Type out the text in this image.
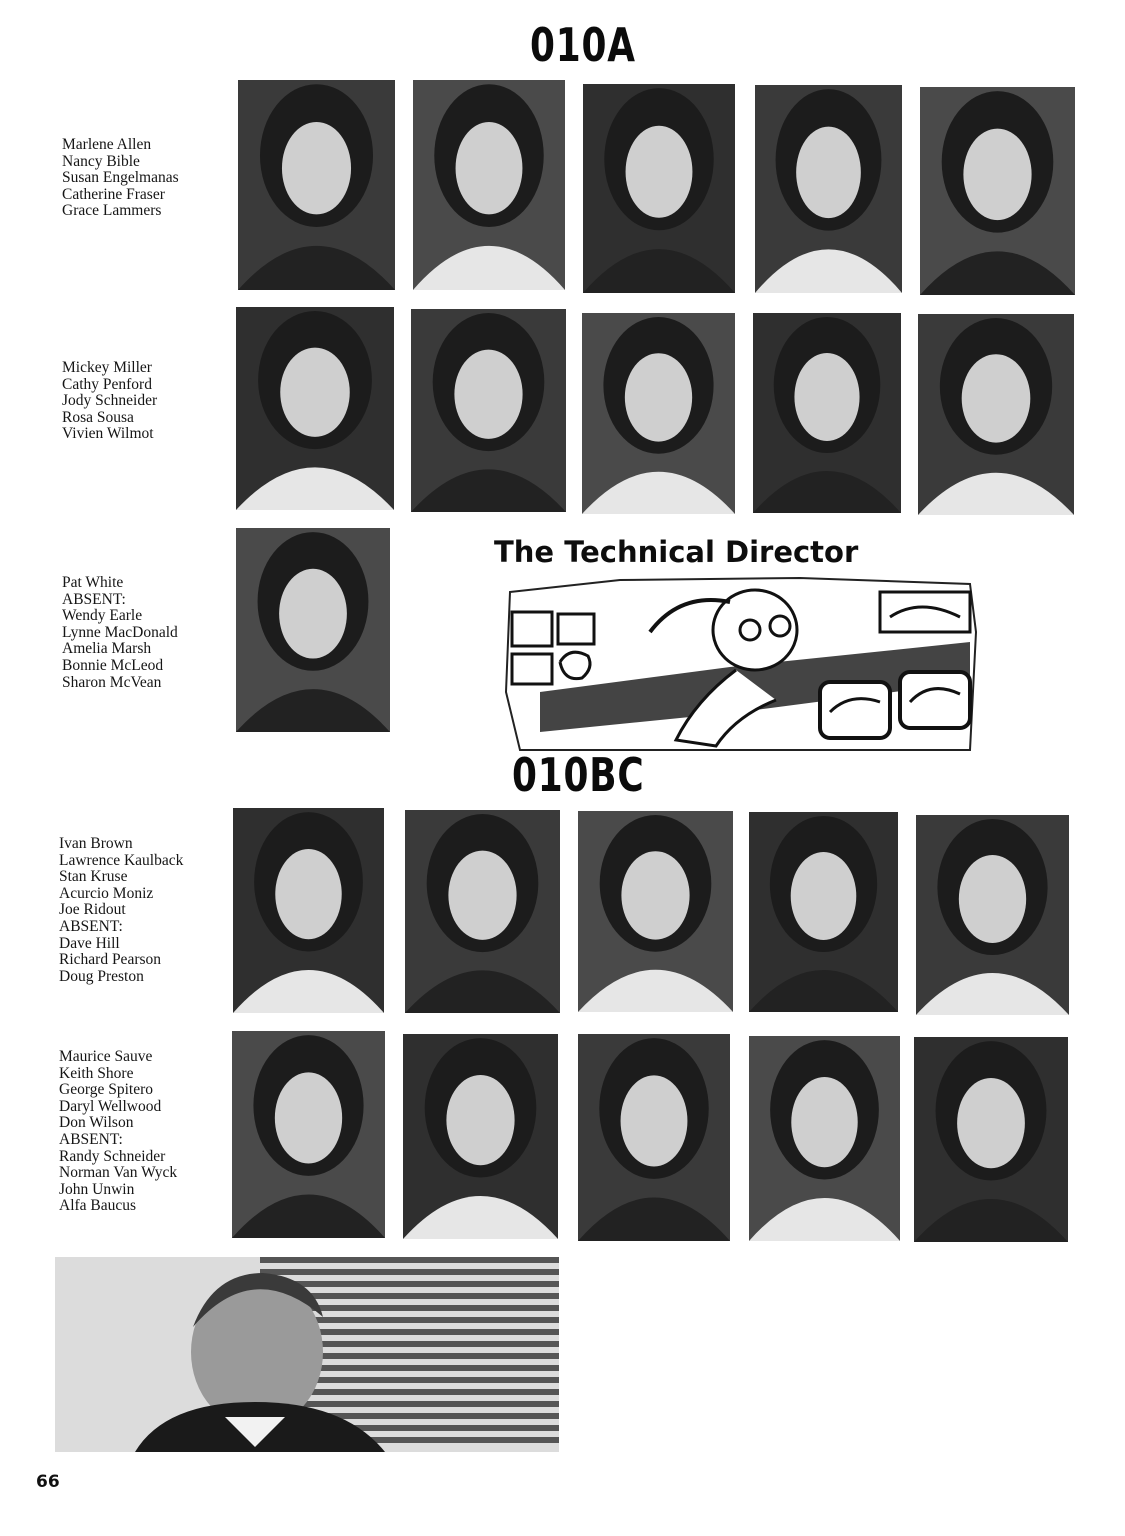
010A
Marlene Allen
Nancy Bible
Susan Engelmanas
Catherine Fraser
Grace Lammers
Mickey Miller
Cathy Penford
Jody Schneider
Rosa Sousa
Vivien Wilmot
Pat White
ABSENT:
Wendy Earle
Lynne MacDonald
Amelia Marsh
Bonnie McLeod
Sharon McVean
Ivan Brown
Lawrence Kaulback
Stan Kruse
Acurcio Moniz
Joe Ridout
ABSENT:
Dave Hill
Richard Pearson
Doug Preston
Maurice Sauve
Keith Shore
George Spitero
Daryl Wellwood
Don Wilson
ABSENT:
Randy Schneider
Norman Van Wyck
John Unwin
Alfa Baucus
The Technical Director
010BC
66
